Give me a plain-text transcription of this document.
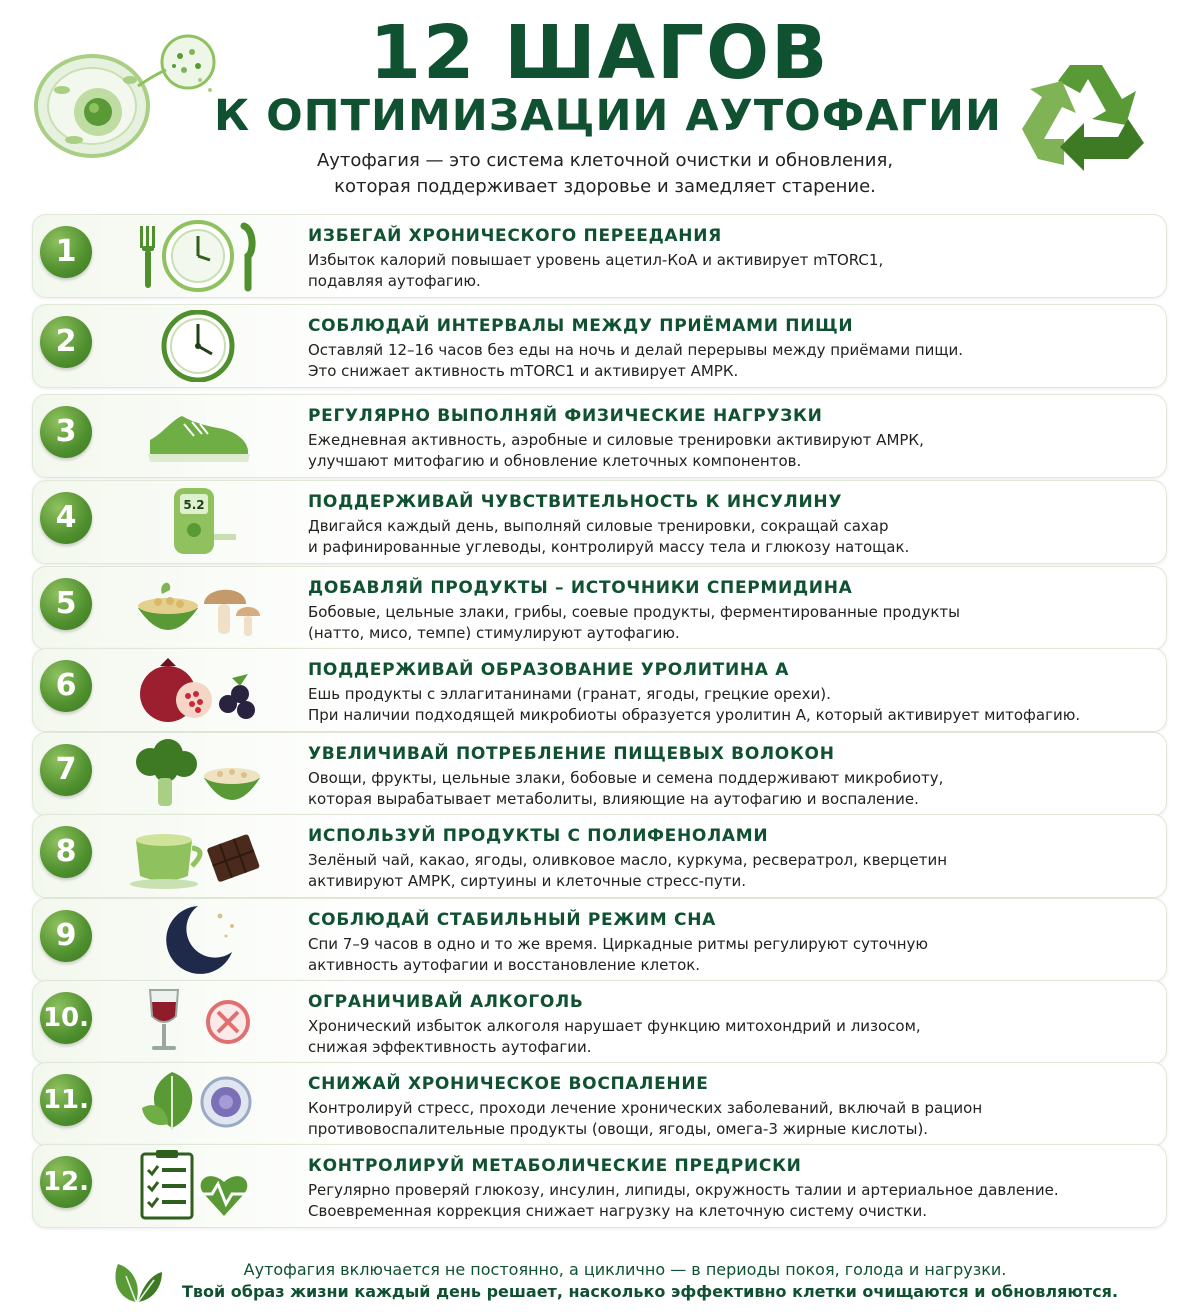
12 ШАГОВ
К ОПТИМИЗАЦИИ АУТОФАГИИ
Аутофагия — это система клеточной очистки и обновления,
которая поддерживает здоровье и замедляет старение.
1	ИЗБЕГАЙ ХРОНИЧЕСКОГО ПЕРЕЕДАНИЯ
Избыток калорий повышает уровень ацетил-КоА и активирует mTORC1,
подавляя аутофагию.
2	СОБЛЮДАЙ ИНТЕРВАЛЫ МЕЖДУ ПРИЁМАМИ ПИЩИ
Оставляй 12–16 часов без еды на ночь и делай перерывы между приёмами пищи.
Это снижает активность mTORC1 и активирует АМРК.
3	РЕГУЛЯРНО ВЫПОЛНЯЙ ФИЗИЧЕСКИЕ НАГРУЗКИ
Ежедневная активность, аэробные и силовые тренировки активируют АМРК,
улучшают митофагию и обновление клеточных компонентов.
4	5.2	ПОДДЕРЖИВАЙ ЧУВСТВИТЕЛЬНОСТЬ К ИНСУЛИНУ
Двигайся каждый день, выполняй силовые тренировки, сокращай сахар
и рафинированные углеводы, контролируй массу тела и глюкозу натощак.
5	ДОБАВЛЯЙ ПРОДУКТЫ – ИСТОЧНИКИ СПЕРМИДИНА
Бобовые, цельные злаки, грибы, соевые продукты, ферментированные продукты
(натто, мисо, темпе) стимулируют аутофагию.
6	ПОДДЕРЖИВАЙ ОБРАЗОВАНИЕ УРОЛИТИНА А
Ешь продукты с эллагитанинами (гранат, ягоды, грецкие орехи).
При наличии подходящей микробиоты образуется уролитин А, который активирует митофагию.
7	УВЕЛИЧИВАЙ ПОТРЕБЛЕНИЕ ПИЩЕВЫХ ВОЛОКОН
Овощи, фрукты, цельные злаки, бобовые и семена поддерживают микробиоту,
которая вырабатывает метаболиты, влияющие на аутофагию и воспаление.
8	ИСПОЛЬЗУЙ ПРОДУКТЫ С ПОЛИФЕНОЛАМИ
Зелёный чай, какао, ягоды, оливковое масло, куркума, ресвератрол, кверцетин
активируют АМРК, сиртуины и клеточные стресс-пути.
9	СОБЛЮДАЙ СТАБИЛЬНЫЙ РЕЖИМ СНА
Спи 7–9 часов в одно и то же время. Циркадные ритмы регулируют суточную
активность аутофагии и восстановление клеток.
10.
ОГРАНИЧИВАЙ АЛКОГОЛЬ
Хронический избыток алкоголя нарушает функцию митохондрий и лизосом,
снижая эффективность аутофагии.
11.
СНИЖАЙ ХРОНИЧЕСКОЕ ВОСПАЛЕНИЕ
Контролируй стресс, проходи лечение хронических заболеваний, включай в рацион
противовоспалительные продукты (овощи, ягоды, омега-3 жирные кислоты).
12.
КОНТРОЛИРУЙ МЕТАБОЛИЧЕСКИЕ ПРЕДРИСКИ
Регулярно проверяй глюкозу, инсулин, липиды, окружность талии и артериальное давление.
Своевременная коррекция снижает нагрузку на клеточную систему очистки.
Аутофагия включается не постоянно, а циклично — в периоды покоя, голода и нагрузки.
Твой образ жизни каждый день решает, насколько эффективно клетки очищаются и обновляются.
